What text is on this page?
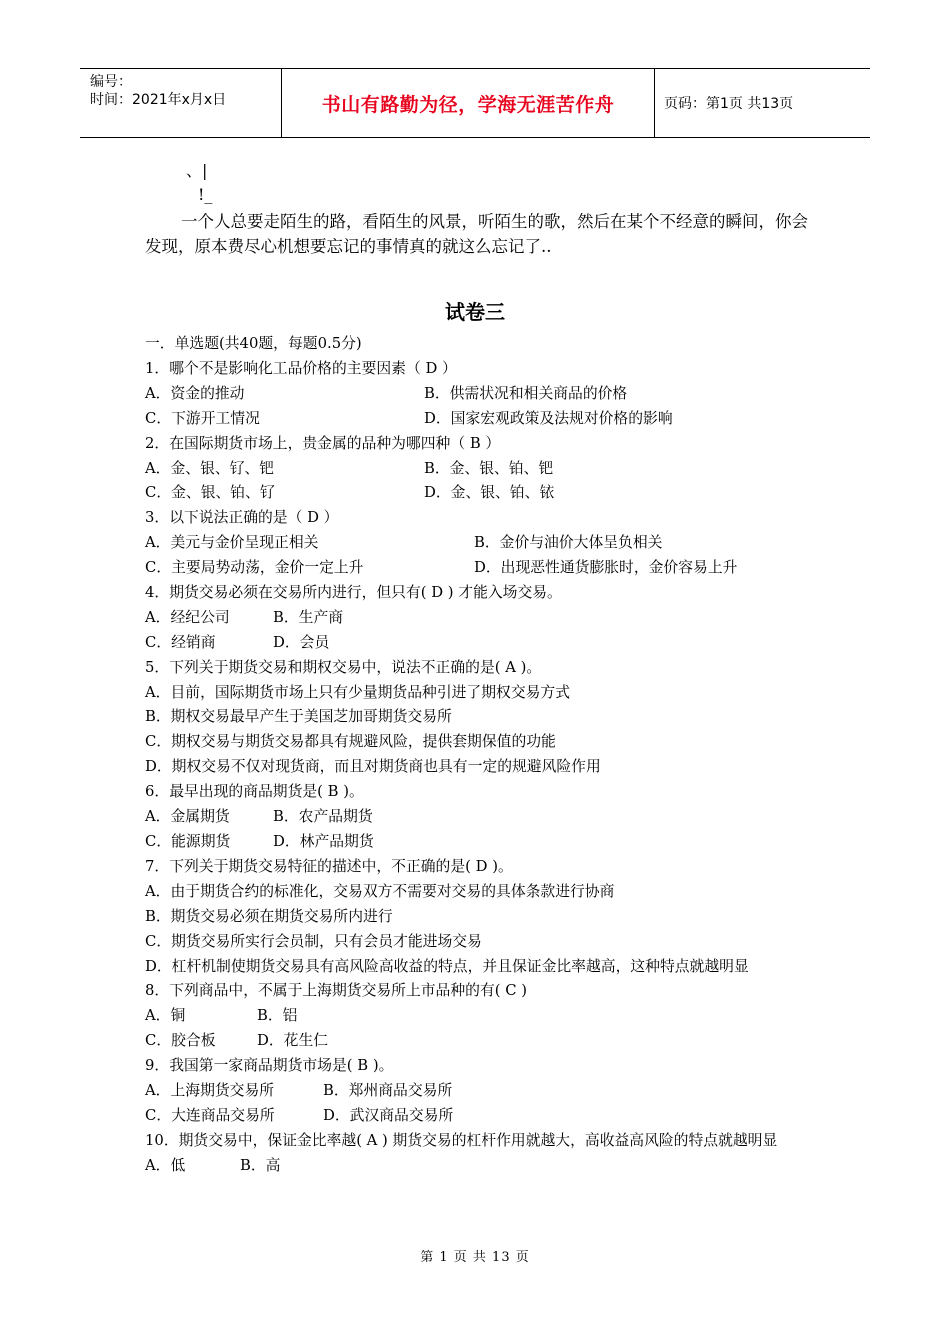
编号：
时间：2021年x月x日	书山有路勤为径，学海无涯苦作舟	页码：第1页 共13页
、|
!_
一个人总要走陌生的路，看陌生的风景，听陌生的歌，然后在某个不经意的瞬间，你会发现，原本费尽心机想要忘记的事情真的就这么忘记了..
试卷三
一．单选题(共40题，每题0.5分)
1．哪个不是影响化工品价格的主要因素（ D ）
A．资金的推动	B．供需状况和相关商品的价格
C．下游开工情况	D．国家宏观政策及法规对价格的影响
2．在国际期货市场上，贵金属的品种为哪四种（ B ）
A．金、银、钌、钯	B．金、银、铂、钯
C．金、银、铂、钌	D．金、银、铂、铱
3．以下说法正确的是（ D ）
A．美元与金价呈现正相关	B．金价与油价大体呈负相关
C．主要局势动荡，金价一定上升	D．出现恶性通货膨胀时，金价容易上升
4．期货交易必须在交易所内进行，但只有( D ) 才能入场交易。
A．经纪公司	B．生产商
C．经销商	D．会员
5．下列关于期货交易和期权交易中，说法不正确的是( A )。
A．目前，国际期货市场上只有少量期货品种引进了期权交易方式
B．期权交易最早产生于美国芝加哥期货交易所
C．期权交易与期货交易都具有规避风险，提供套期保值的功能
D．期权交易不仅对现货商，而且对期货商也具有一定的规避风险作用
6．最早出现的商品期货是( B )。
A．金属期货	B．农产品期货
C．能源期货	D．林产品期货
7．下列关于期货交易特征的描述中，不正确的是( D )。
A．由于期货合约的标准化，交易双方不需要对交易的具体条款进行协商
B．期货交易必须在期货交易所内进行
C．期货交易所实行会员制，只有会员才能进场交易
D．杠杆机制使期货交易具有高风险高收益的特点，并且保证金比率越高，这种特点就越明显
8．下列商品中，不属于上海期货交易所上市品种的有( C )
A．铜	B．铝
C．胶合板	D．花生仁
9．我国第一家商品期货市场是( B )。
A．上海期货交易所	B．郑州商品交易所
C．大连商品交易所	D．武汉商品交易所
10．期货交易中，保证金比率越( A ) 期货交易的杠杆作用就越大，高收益高风险的特点就越明显
A．低	B．高
第 1 页 共 13 页
